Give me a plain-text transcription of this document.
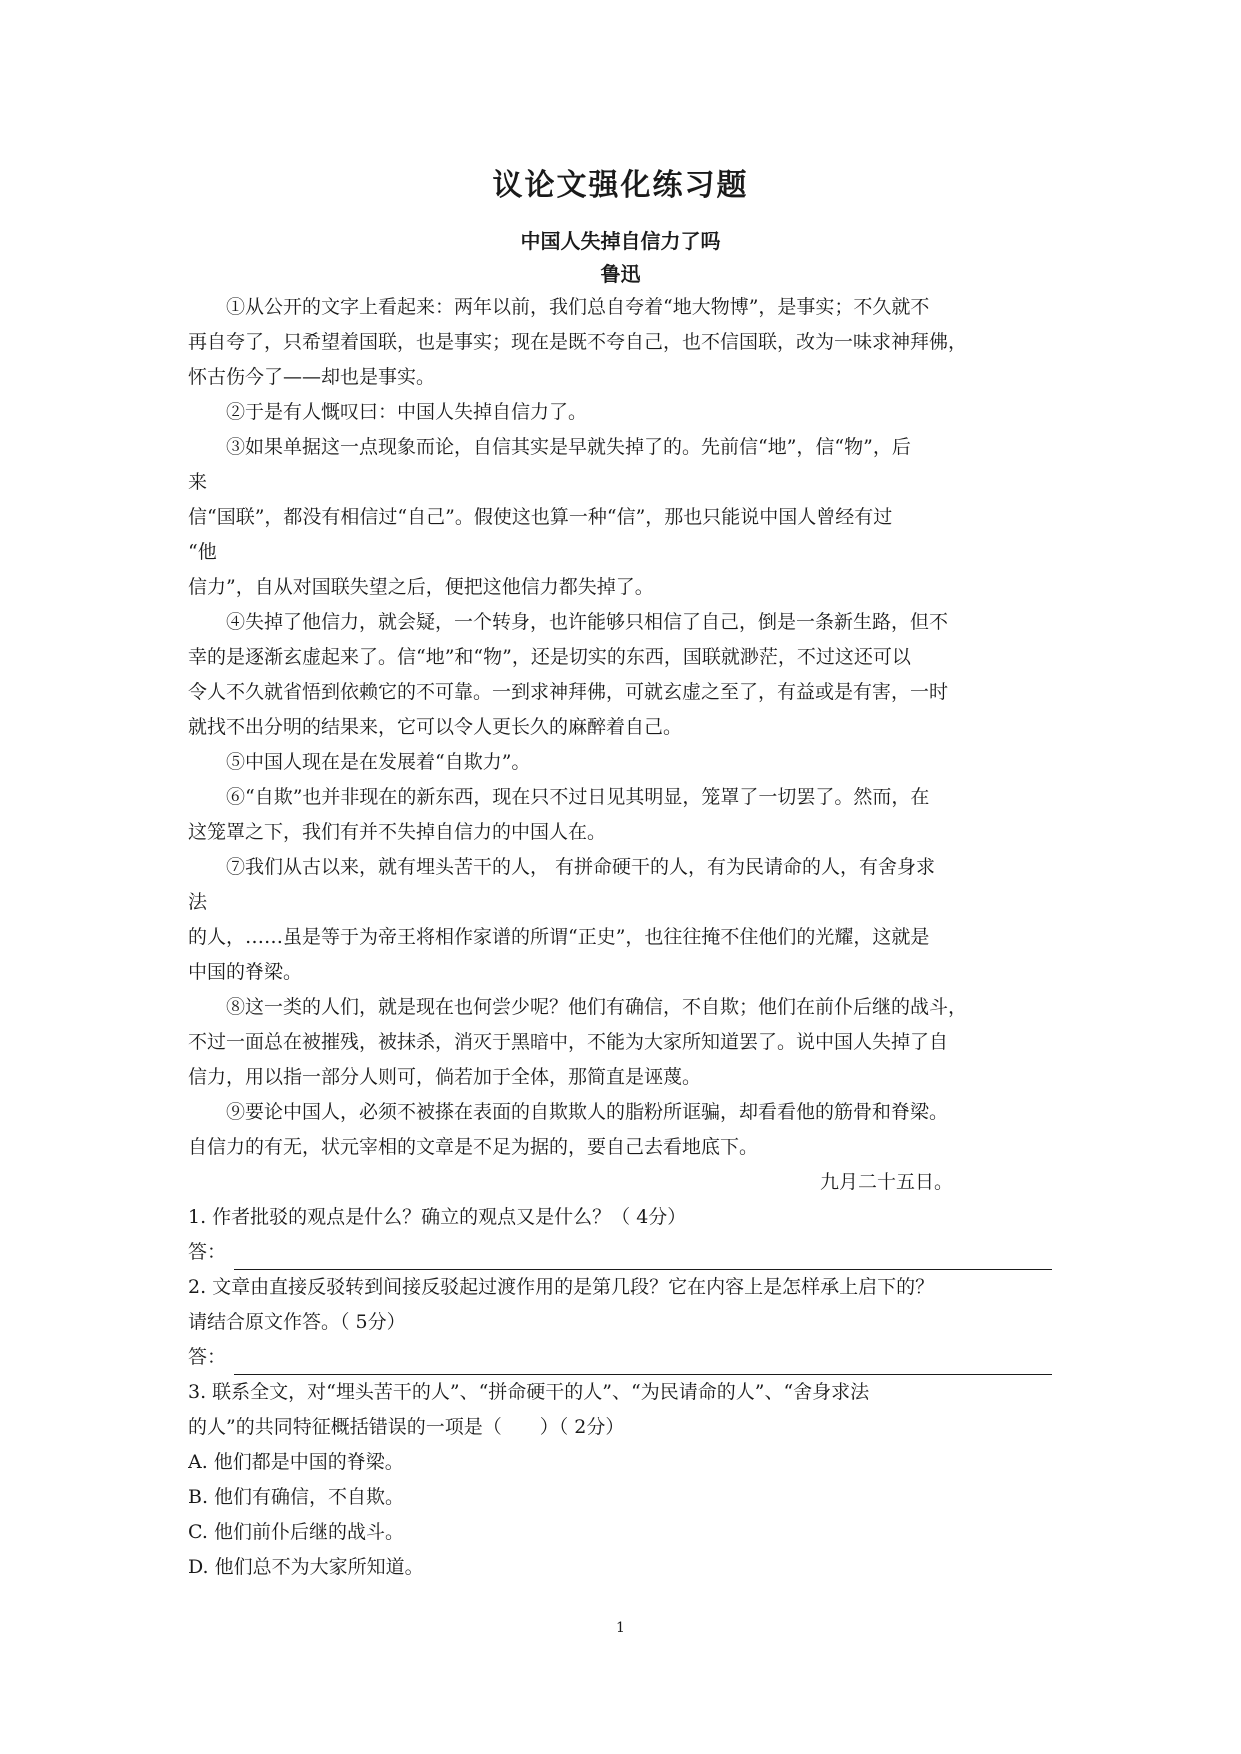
议论文强化练习题
中国人失掉自信力了吗
鲁迅
①从公开的文字上看起来：两年以前，我们总自夸着“地大物博”，是事实；不久就不
再自夸了，只希望着国联，也是事实；现在是既不夸自己，也不信国联，改为一味求神拜佛，
怀古伤今了——却也是事实。
②于是有人慨叹曰：中国人失掉自信力了。
③如果单据这一点现象而论，自信其实是早就失掉了的。先前信“地”，信“物”，后
来
信“国联”，都没有相信过“自己”。假使这也算一种“信”，那也只能说中国人曾经有过
“他
信力”，自从对国联失望之后，便把这他信力都失掉了。
④失掉了他信力，就会疑，一个转身，也许能够只相信了自己，倒是一条新生路，但不
幸的是逐渐玄虚起来了。信“地”和“物”，还是切实的东西，国联就渺茫，不过这还可以
令人不久就省悟到依赖它的不可靠。一到求神拜佛，可就玄虚之至了，有益或是有害，一时
就找不出分明的结果来，它可以令人更长久的麻醉着自己。
⑤中国人现在是在发展着“自欺力”。
⑥“自欺”也并非现在的新东西，现在只不过日见其明显，笼罩了一切罢了。然而，在
这笼罩之下，我们有并不失掉自信力的中国人在。
⑦我们从古以来，就有埋头苦干的人， 有拼命硬干的人，有为民请命的人，有舍身求
法
的人，……虽是等于为帝王将相作家谱的所谓“正史”，也往往掩不住他们的光耀，这就是
中国的脊梁。
⑧这一类的人们，就是现在也何尝少呢？他们有确信，不自欺；他们在前仆后继的战斗，
不过一面总在被摧残，被抹杀，消灭于黑暗中，不能为大家所知道罢了。说中国人失掉了自
信力，用以指一部分人则可，倘若加于全体，那简直是诬蔑。
⑨要论中国人，必须不被搽在表面的自欺欺人的脂粉所诓骗，却看看他的筋骨和脊梁。
自信力的有无，状元宰相的文章是不足为据的，要自己去看地底下。
九月二十五日。
1. 作者批驳的观点是什么？确立的观点又是什么？（ 4分）
答：
2. 文章由直接反驳转到间接反驳起过渡作用的是第几段？它在内容上是怎样承上启下的？
请结合原文作答。（ 5分）
答：
3. 联系全文，对“埋头苦干的人”、“拼命硬干的人”、“为民请命的人”、“舍身求法
的人”的共同特征概括错误的一项是（　　）（ 2分）
A. 他们都是中国的脊梁。
B. 他们有确信，不自欺。
C. 他们前仆后继的战斗。
D. 他们总不为大家所知道。
1
